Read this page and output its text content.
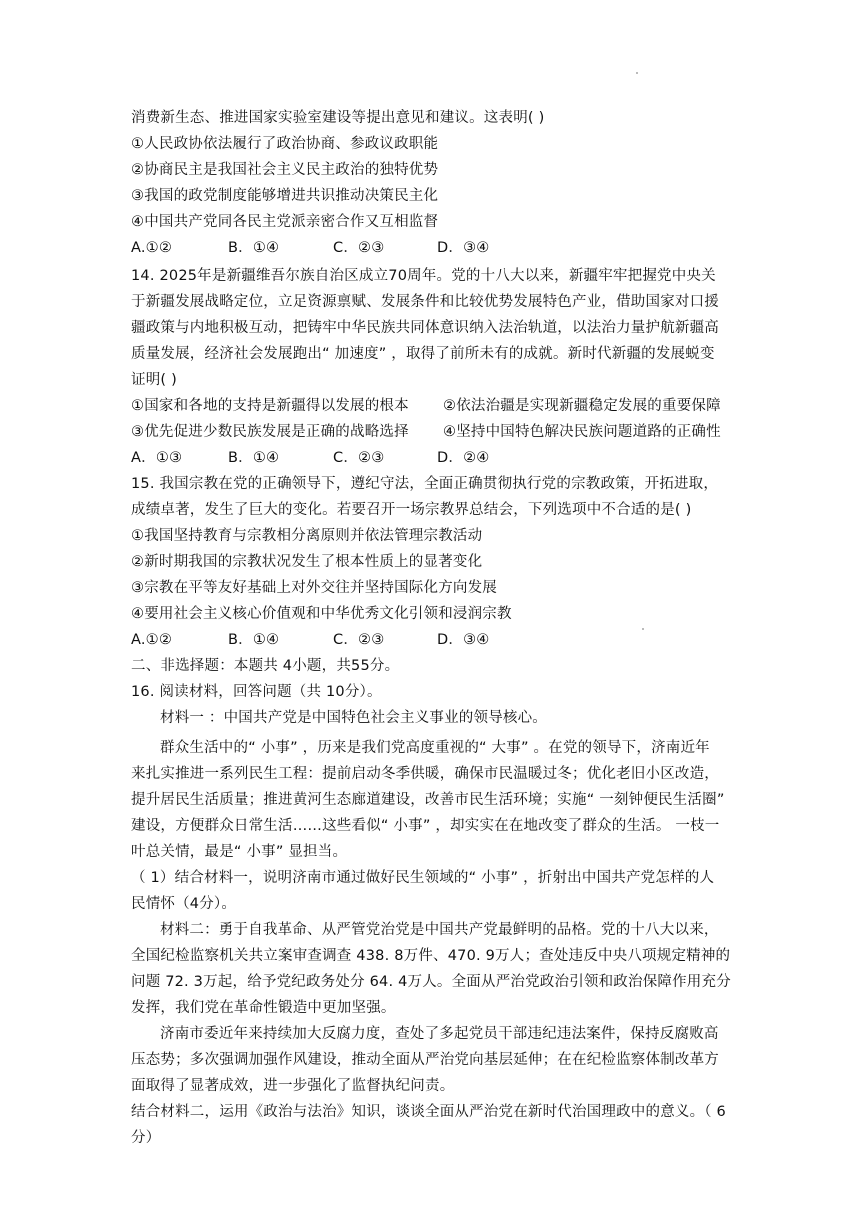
消费新生态、推进国家实验室建设等提出意见和建议。这表明( )
①人民政协依法履行了政治协商、参政议政职能
②协商民主是我国社会主义民主政治的独特优势
③我国的政党制度能够增进共识推动决策民主化
④中国共产党同各民主党派亲密合作又互相监督
A.①②	B．①④	C．②③	D．③④
14. 2025年是新疆维吾尔族自治区成立70周年。党的十八大以来，新疆牢牢把握党中央关
于新疆发展战略定位，立足资源禀赋、发展条件和比较优势发展特色产业，借助国家对口援
疆政策与内地积极互动，把铸牢中华民族共同体意识纳入法治轨道，以法治力量护航新疆高
质量发展，经济社会发展跑出“ 加速度” ，取得了前所未有的成就。新时代新疆的发展蜕变
证明( )
①国家和各地的支持是新疆得以发展的根本	②依法治疆是实现新疆稳定发展的重要保障
③优先促进少数民族发展是正确的战略选择	④坚持中国特色解决民族问题道路的正确性
A．①③	B．①④	C．②③	D．②④
15. 我国宗教在党的正确领导下，遵纪守法，全面正确贯彻执行党的宗教政策，开拓进取，
成绩卓著，发生了巨大的变化。若要召开一场宗教界总结会，下列选项中不合适的是( )
①我国坚持教育与宗教相分离原则并依法管理宗教活动
②新时期我国的宗教状况发生了根本性质上的显著变化
③宗教在平等友好基础上对外交往并坚持国际化方向发展
④要用社会主义核心价值观和中华优秀文化引领和浸润宗教
A.①②	B．①④	C．②③	D．③④
二、非选择题：本题共 4小题，共55分。
16. 阅读材料，回答问题（共 10分）。
材料一 ：中国共产党是中国特色社会主义事业的领导核心。
群众生活中的“ 小事” ，历来是我们党高度重视的“ 大事” 。在党的领导下，济南近年
来扎实推进一系列民生工程：提前启动冬季供暖，确保市民温暖过冬；优化老旧小区改造，
提升居民生活质量；推进黄河生态廊道建设，改善市民生活环境；实施“ 一刻钟便民生活圈”
建设，方便群众日常生活……这些看似“ 小事” ，却实实在在地改变了群众的生活。 一枝一
叶总关情，最是“ 小事” 显担当。
（ 1）结合材料一，说明济南市通过做好民生领域的“ 小事” ，折射出中国共产党怎样的人
民情怀（4分）。
材料二：勇于自我革命、从严管党治党是中国共产党最鲜明的品格。党的十八大以来，
全国纪检监察机关共立案审查调查 438. 8万件、470. 9万人；查处违反中央八项规定精神的
问题 72. 3万起，给予党纪政务处分 64. 4万人。全面从严治党政治引领和政治保障作用充分
发挥，我们党在革命性锻造中更加坚强。
济南市委近年来持续加大反腐力度，查处了多起党员干部违纪违法案件，保持反腐败高
压态势；多次强调加强作风建设，推动全面从严治党向基层延伸；在在纪检监察体制改革方
面取得了显著成效，进一步强化了监督执纪问责。
结合材料二，运用《政治与法治》知识，谈谈全面从严治党在新时代治国理政中的意义。（ 6
分）
